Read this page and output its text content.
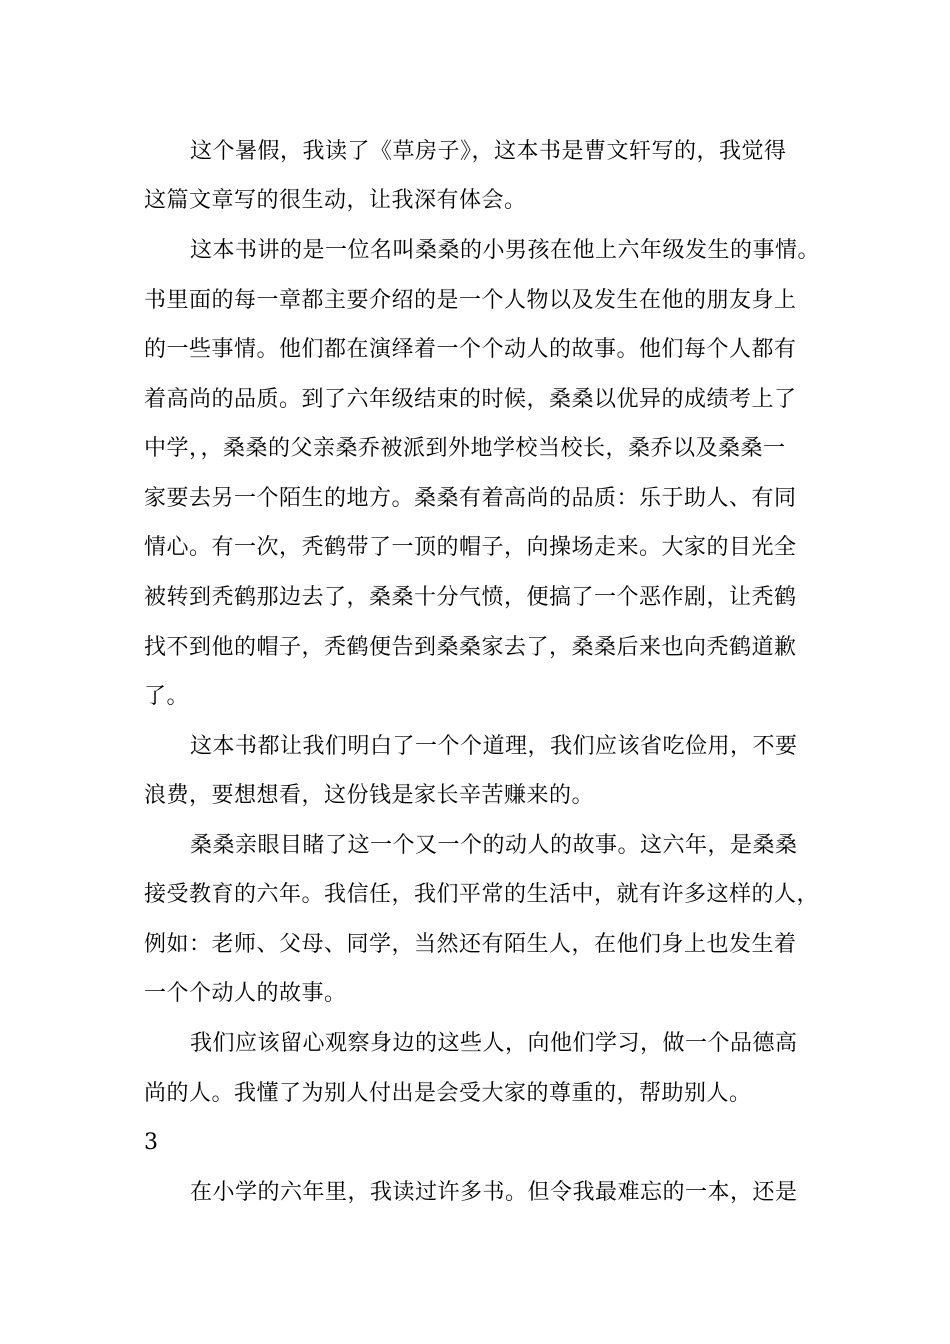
这个暑假，我读了《草房子》，这本书是曹文轩写的，我觉得
这篇文章写的很生动，让我深有体会。
这本书讲的是一位名叫桑桑的小男孩在他上六年级发生的事情。
书里面的每一章都主要介绍的是一个人物以及发生在他的朋友身上
的一些事情。他们都在演绎着一个个动人的故事。他们每个人都有
着高尚的品质。到了六年级结束的时候，桑桑以优异的成绩考上了
中学，，桑桑的父亲桑乔被派到外地学校当校长，桑乔以及桑桑一
家要去另一个陌生的地方。桑桑有着高尚的品质：乐于助人、有同
情心。有一次，秃鹤带了一顶的帽子，向操场走来。大家的目光全
被转到秃鹤那边去了，桑桑十分气愤，便搞了一个恶作剧，让秃鹤
找不到他的帽子，秃鹤便告到桑桑家去了，桑桑后来也向秃鹤道歉
了。
这本书都让我们明白了一个个道理，我们应该省吃俭用，不要
浪费，要想想看，这份钱是家长辛苦赚来的。
桑桑亲眼目睹了这一个又一个的动人的故事。这六年，是桑桑
接受教育的六年。我信任，我们平常的生活中，就有许多这样的人，
例如：老师、父母、同学，当然还有陌生人，在他们身上也发生着
一个个动人的故事。
我们应该留心观察身边的这些人，向他们学习，做一个品德高
尚的人。我懂了为别人付出是会受大家的尊重的，帮助别人。
3
在小学的六年里，我读过许多书。但令我最难忘的一本，还是
